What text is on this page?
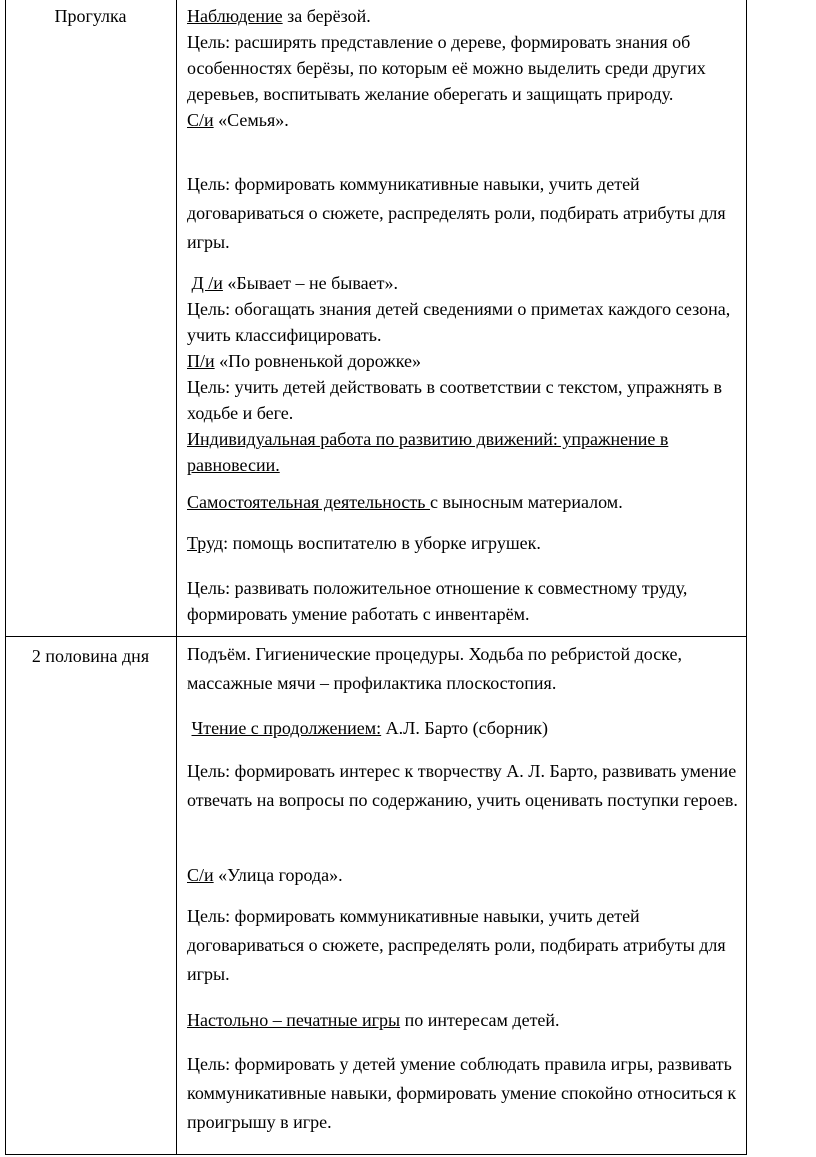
Прогулка	Наблюдение за берёзой.

Цель: расширять представление о дереве, формировать знания об особенностях берёзы, по которым её можно выделить среди других деревьев, воспитывать желание оберегать и защищать природу.

С/и «Семья».

Цель: формировать коммуникативные навыки, учить детей договариваться о сюжете, распределять роли, подбирать атрибуты для игры.

Д /и «Бывает – не бывает».

Цель: обогащать знания детей сведениями о приметах каждого сезона, учить классифицировать.

П/и «По ровненькой дорожке»

Цель: учить детей действовать в соответствии с текстом, упражнять в ходьбе и беге.

Индивидуальная работа по развитию движений: упражнение в равновесии.

Самостоятельная деятельность с выносным материалом.
Труд: помощь воспитателю в уборке игрушек.
Цель: развивать положительное отношение к совместному труду, формировать умение работать с инвентарём.
2 половина дня	Подъём. Гигиенические процедуры. Ходьба по ребристой доске, массажные мячи – профилактика плоскостопия.
Чтение с продолжением: А.Л. Барто (сборник)
Цель: формировать интерес к творчеству А. Л. Барто, развивать умение отвечать на вопросы по содержанию, учить оценивать поступки героев.
С/и «Улица города».
Цель: формировать коммуникативные навыки, учить детей договариваться о сюжете, распределять роли, подбирать атрибуты для игры.
Настольно – печатные игры по интересам детей.
Цель: формировать у детей умение соблюдать правила игры, развивать коммуникативные навыки, формировать умение спокойно относиться к проигрышу в игре.
